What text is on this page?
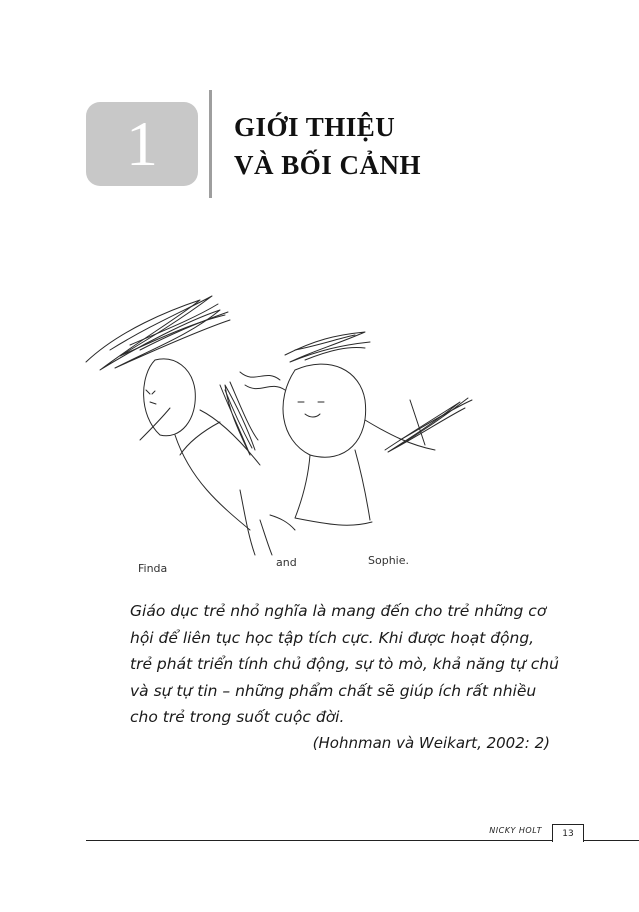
1	GIỚI THIỆU
VÀ BỐI CẢNH
Finda	and	Sophie.

Giáo dục trẻ nhỏ nghĩa là mang đến cho trẻ những cơ hội để liên tục học tập tích cực. Khi được hoạt động, trẻ phát triển tính chủ động, sự tò mò, khả năng tự chủ và sự tự tin – những phẩm chất sẽ giúp ích rất nhiều cho trẻ trong suốt cuộc đời.

(Hohnman và Weikart, 2002: 2)

NICKY HOLT	13
